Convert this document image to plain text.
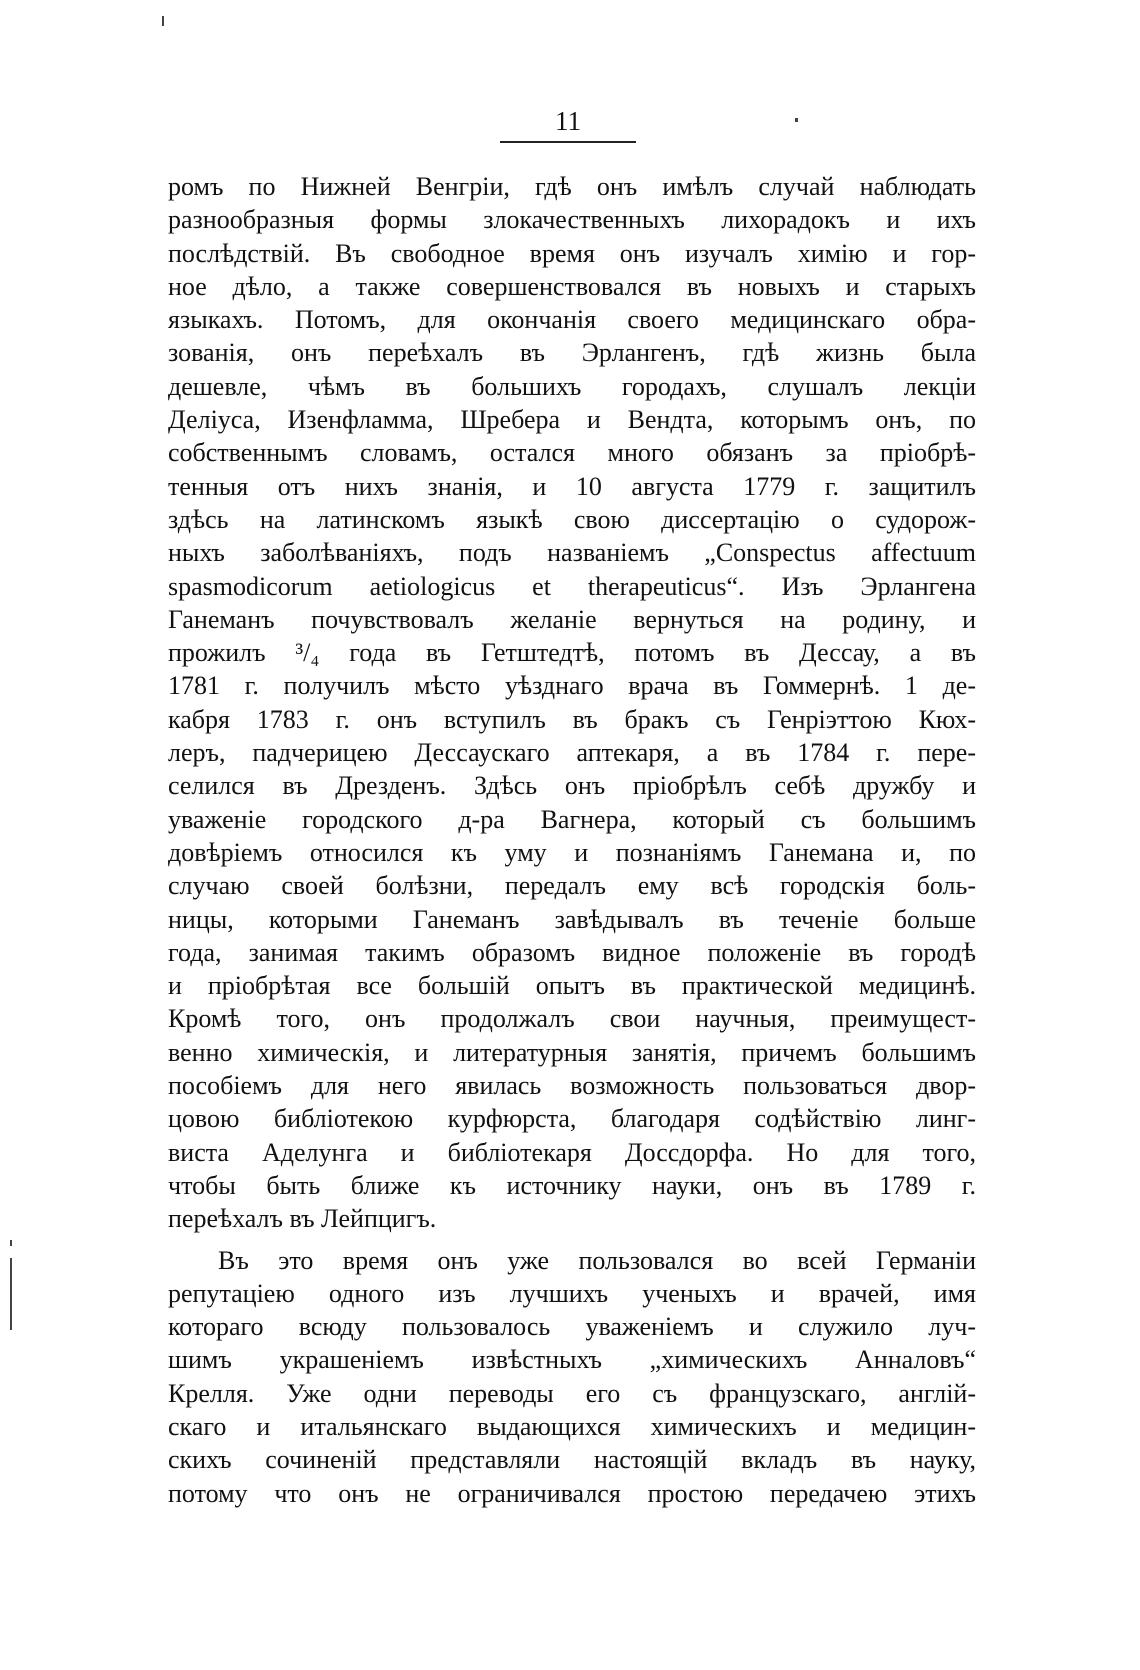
11
ромъ по Нижней Венгріи, гдѣ онъ имѣлъ случай наблюдать
разнообразныя формы злокачественныхъ лихорадокъ и ихъ
послѣдствій. Въ свободное время онъ изучалъ химію и гор-
ное дѣло, а также совершенствовался въ новыхъ и старыхъ
языкахъ. Потомъ, для окончанія своего медицинскаго обра-
зованія, онъ переѣхалъ въ Эрлангенъ, гдѣ жизнь была
дешевле, чѣмъ въ большихъ городахъ, слушалъ лекціи
Деліуса, Изенфламма, Шребера и Вендта, которымъ онъ, по
собственнымъ словамъ, остался много обязанъ за пріобрѣ-
тенныя отъ нихъ знанія, и 10 августа 1779 г. защитилъ
здѣсь на латинскомъ языкѣ свою диссертацію о судорож-
ныхъ заболѣваніяхъ, подъ названіемъ „Conspectus affectuum
spasmodicorum aetiologicus et therapeuticus“. Изъ Эрлангена
Ганеманъ почувствовалъ желаніе вернуться на родину, и
прожилъ ³/₄ года въ Гетштедтѣ, потомъ въ Дессау, а въ
1781 г. получилъ мѣсто уѣзднаго врача въ Гоммернѣ. 1 де-
кабря 1783 г. онъ вступилъ въ бракъ съ Генріэттою Кюх-
леръ, падчерицею Дессаускаго аптекаря, а въ 1784 г. пере-
селился въ Дрезденъ. Здѣсь онъ пріобрѣлъ себѣ дружбу и
уваженіе городского д-ра Вагнера, который съ большимъ
довѣріемъ относился къ уму и познаніямъ Ганемана и, по
случаю своей болѣзни, передалъ ему всѣ городскія боль-
ницы, которыми Ганеманъ завѣдывалъ въ теченіе больше
года, занимая такимъ образомъ видное положеніе въ городѣ
и пріобрѣтая все большій опытъ въ практической медицинѣ.
Кромѣ того, онъ продолжалъ свои научныя, преимущест-
венно химическія, и литературныя занятія, причемъ большимъ
пособіемъ для него явилась возможность пользоваться двор-
цовою библіотекою курфюрста, благодаря содѣйствію линг-
виста Аделунга и библіотекаря Доссдорфа. Но для того,
чтобы быть ближе къ источнику науки, онъ въ 1789 г.
переѣхалъ въ Лейпцигъ.
Въ это время онъ уже пользовался во всей Германіи
репутаціею одного изъ лучшихъ ученыхъ и врачей, имя
котораго всюду пользовалось уваженіемъ и служило луч-
шимъ украшеніемъ извѣстныхъ „химическихъ Анналовъ“
Крелля. Уже одни переводы его съ французскаго, англій-
скаго и итальянскаго выдающихся химическихъ и медицин-
скихъ сочиненій представляли настоящій вкладъ въ науку,
потому что онъ не ограничивался простою передачею этихъ
